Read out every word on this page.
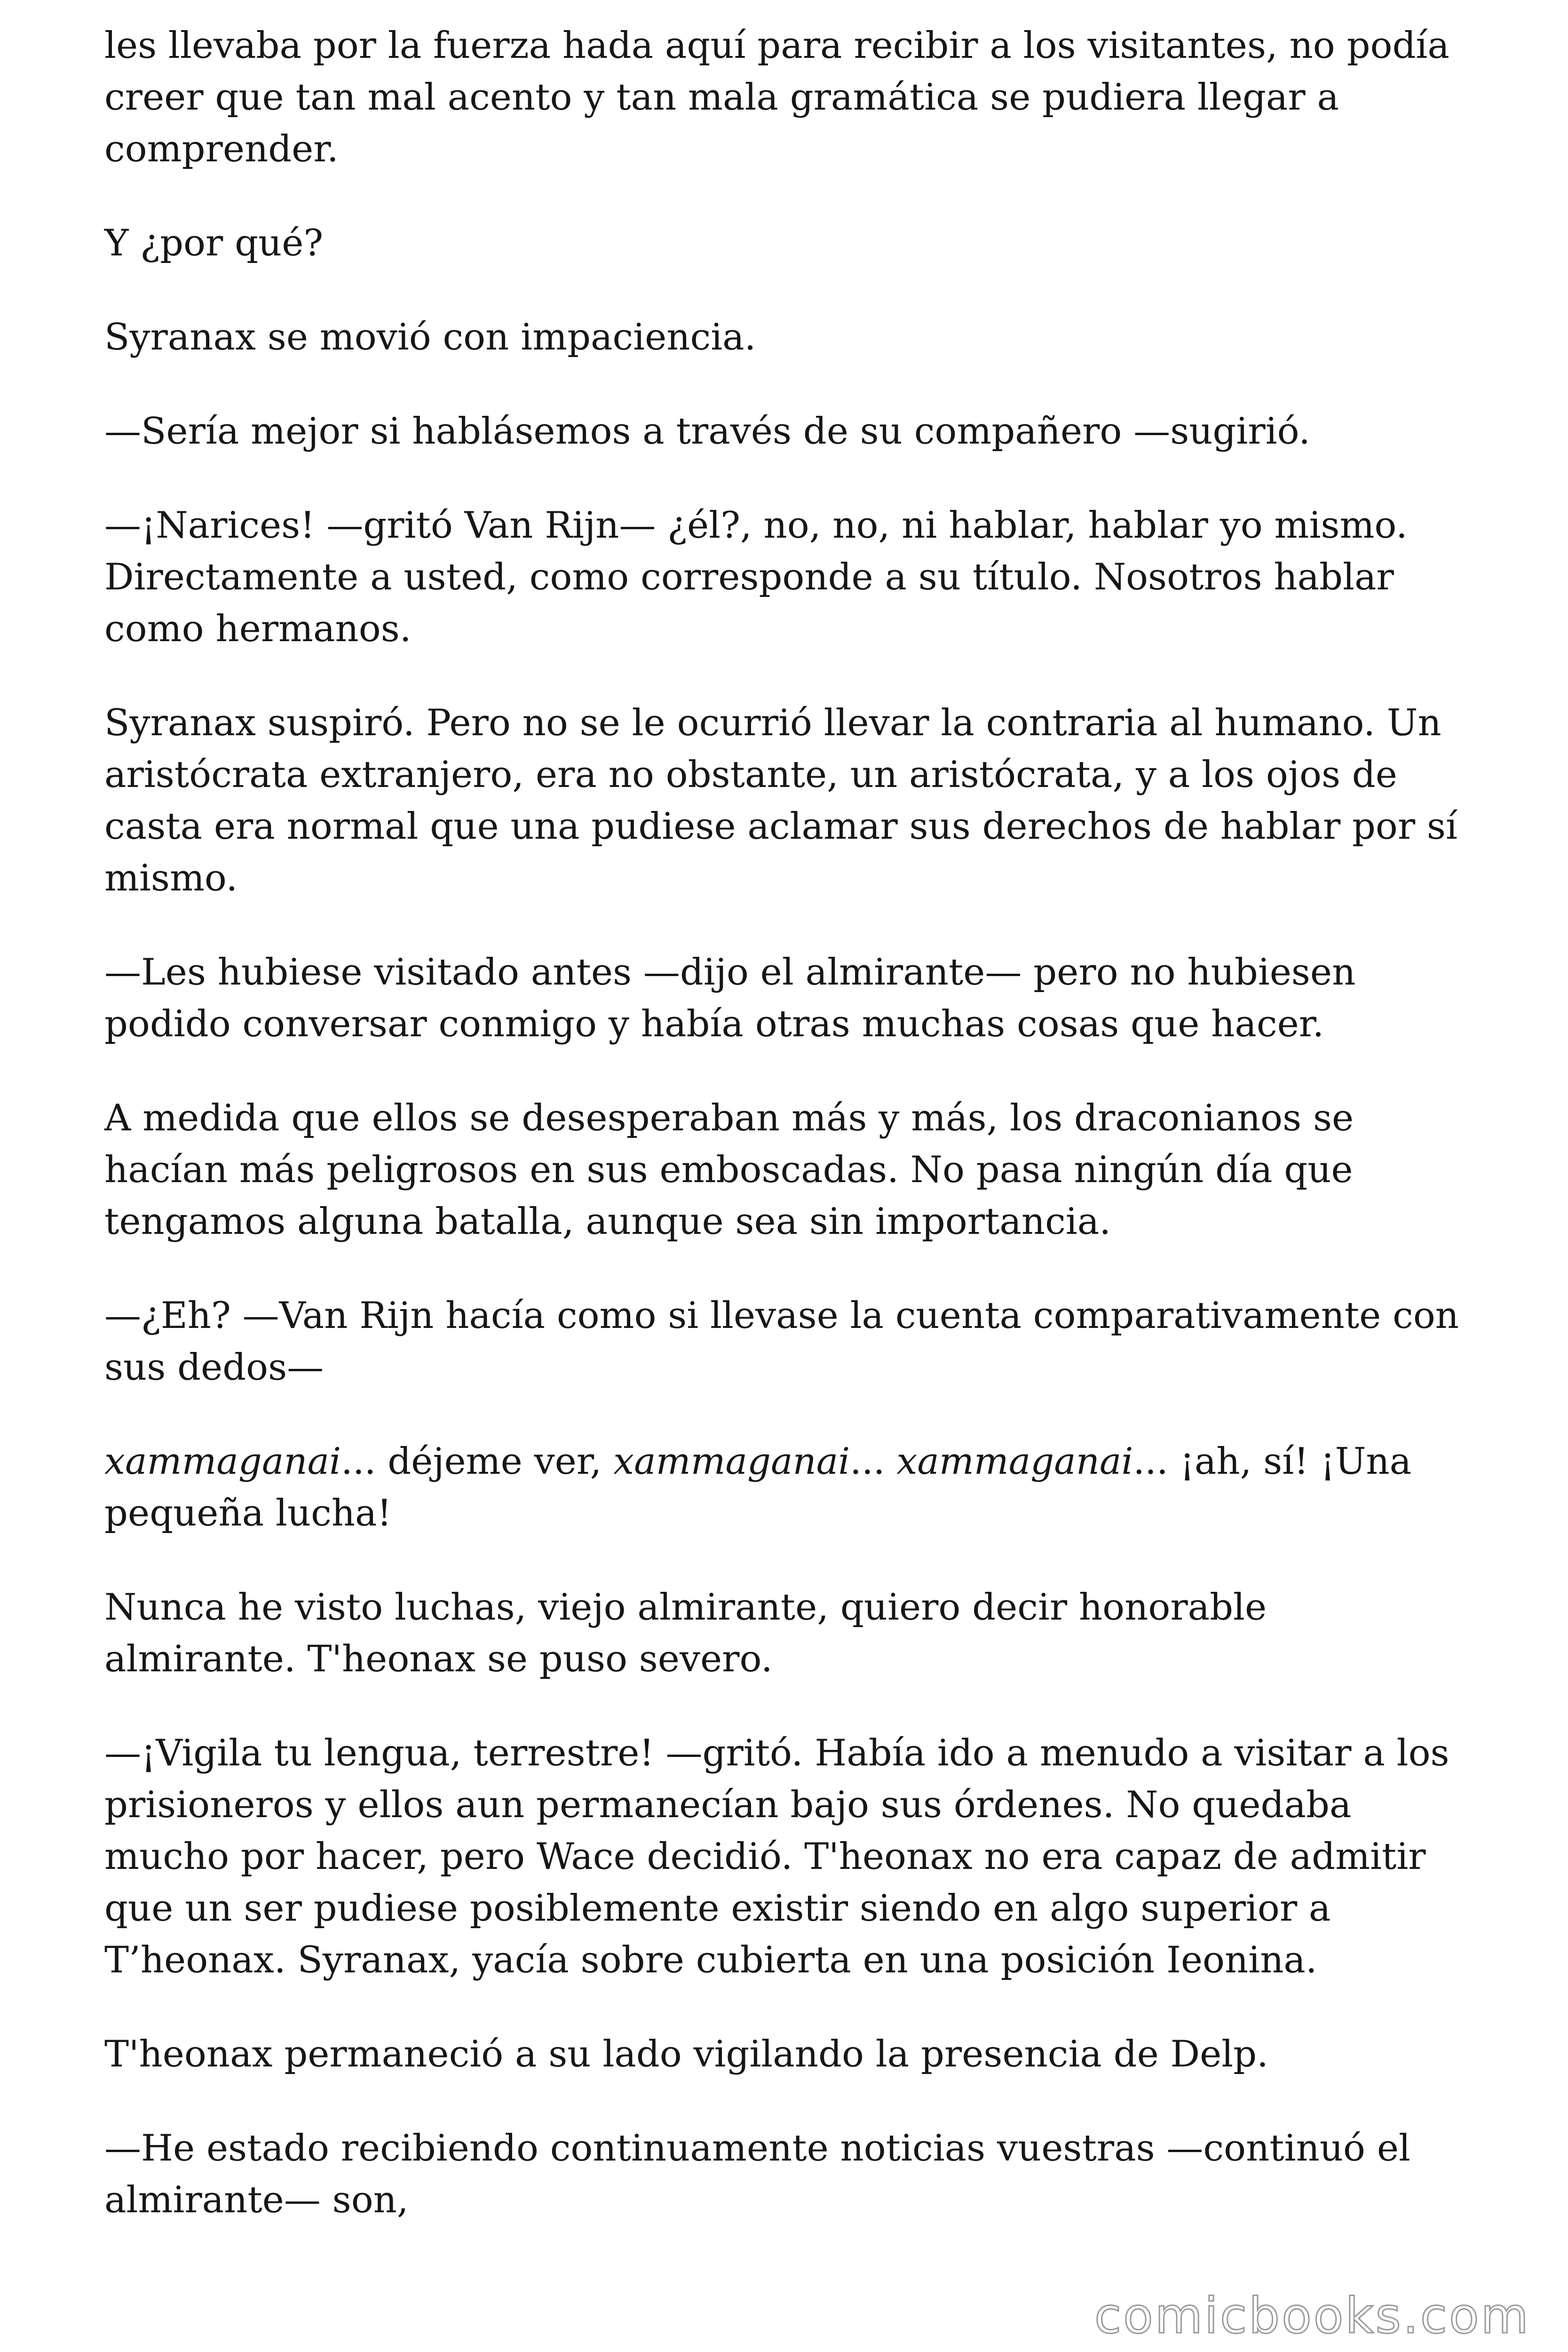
les llevaba por la fuerza hada aquí para recibir a los visitantes, no podía creer que tan mal acento y tan mala gramática se pudiera llegar a comprender.

Y ¿por qué?

Syranax se movió con impaciencia.

—Sería mejor si hablásemos a través de su compañero —sugirió.

—¡Narices! —gritó Van Rijn— ¿él?, no, no, ni hablar, hablar yo mismo. Directamente a usted, como corresponde a su título. Nosotros hablar como hermanos.

Syranax suspiró. Pero no se le ocurrió llevar la contraria al humano. Un aristócrata extranjero, era no obstante, un aristócrata, y a los ojos de casta era normal que una pudiese aclamar sus derechos de hablar por sí mismo.

—Les hubiese visitado antes —dijo el almirante— pero no hubiesen podido conversar conmigo y había otras muchas cosas que hacer.

A medida que ellos se desesperaban más y más, los draconianos se hacían más peligrosos en sus emboscadas. No pasa ningún día que tengamos alguna batalla, aunque sea sin importancia.

—¿Eh? —Van Rijn hacía como si llevase la cuenta comparativamente con sus dedos—

xammaganai... déjeme ver, xammaganai... xammaganai... ¡ah, sí! ¡Una pequeña lucha!

Nunca he visto luchas, viejo almirante, quiero decir honorable almirante. T'heonax se puso severo.

—¡Vigila tu lengua, terrestre! —gritó. Había ido a menudo a visitar a los prisioneros y ellos aun permanecían bajo sus órdenes. No quedaba mucho por hacer, pero Wace decidió. T'heonax no era capaz de admitir que un ser pudiese posiblemente existir siendo en algo superior a T’heonax. Syranax, yacía sobre cubierta en una posición Ieonina.

T'heonax permaneció a su lado vigilando la presencia de Delp.

—He estado recibiendo continuamente noticias vuestras —continuó el almirante— son,

comicbooks.com
